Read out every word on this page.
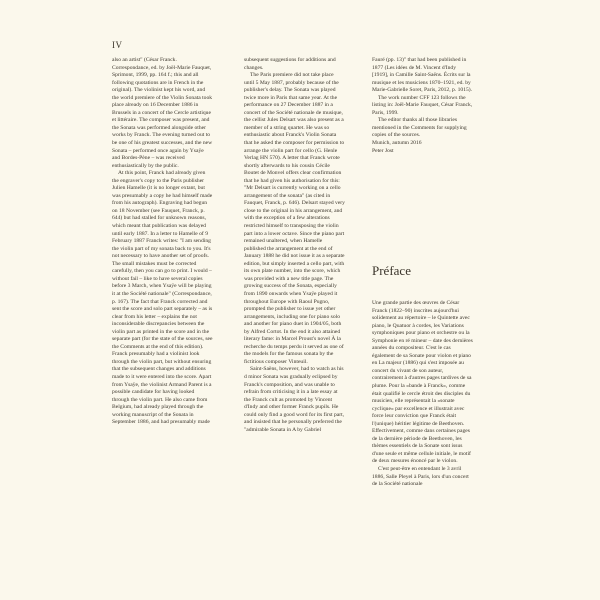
IV

also an artist" (César Franck. Correspondance, ed. by Joël-Marie Fauquet, Sprimont, 1999, pp. 164 f.; this and all following quotations are in French in the original). The violinist kept his word, and the world premiere of the Violin Sonata took place already on 16 December 1886 in Brussels in a concert of the Cercle artistique et littéraire. The composer was present, and the Sonata was performed alongside other works by Franck. The evening turned out to be one of his greatest successes, and the new Sonata – performed once again by Ysaÿe and Bordes-Pène – was received enthusiastically by the public.

At this point, Franck had already given the engraver's copy to the Paris publisher Julien Hamelle (it is no longer extant, but was presumably a copy he had himself made from his autograph). Engraving had begun on 18 November (see Fauquet, Franck, p. 644) but had stalled for unknown reasons, which meant that publication was delayed until early 1887. In a letter to Hamelle of 9 February 1887 Franck writes: "I am sending the violin part of my sonata back to you. It's not necessary to have another set of proofs. The small mistakes must be corrected carefully, then you can go to print. I would – without fail – like to have several copies before 3 March, when Ysaÿe will be playing it at the Société nationale" (Correspondance, p. 167). The fact that Franck corrected and sent the score and solo part separately – as is clear from his letter – explains the not inconsiderable discrepancies between the violin part as printed in the score and in the separate part (for the state of the sources, see the Comments at the end of this edition). Franck presumably had a violinist look through the violin part, but without ensuring that the subsequent changes and additions made to it were entered into the score. Apart from Ysaÿe, the violinist Armand Parent is a possible candidate for having looked through the violin part. He also came from Belgium, had already played through the working manuscript of the Sonata in September 1886, and had presumably made

subsequent suggestions for additions and changes.

The Paris premiere did not take place until 5 May 1887, probably because of the publisher's delay. The Sonata was played twice more in Paris that same year. At the performance on 27 December 1887 in a concert of the Société nationale de musique, the cellist Jules Delsart was also present as a member of a string quartet. He was so enthusiastic about Franck's Violin Sonata that he asked the composer for permission to arrange the violin part for cello (G. Henle Verlag HN 570). A letter that Franck wrote shortly afterwards to his cousin Cécile Boutet de Monvel offers clear confirmation that he had given his authorisation for this: "Mr Delsart is currently working on a cello arrangement of the sonata" (as cited in Fauquet, Franck, p. 646). Delsart stayed very close to the original in his arrangement, and with the exception of a few alterations restricted himself to transposing the violin part into a lower octave. Since the piano part remained unaltered, when Hamelle published the arrangement at the end of January 1888 he did not issue it as a separate edition, but simply inserted a cello part, with its own plate number, into the score, which was provided with a new title page. The growing success of the Sonata, especially from 1890 onwards when Ysaÿe played it throughout Europe with Raoul Pugno, prompted the publisher to issue yet other arrangements, including one for piano solo and another for piano duet in 1904/05, both by Alfred Cortot. In the end it also attained literary fame: in Marcel Proust's novel À la recherche du temps perdu it served as one of the models for the famous sonata by the fictitious composer Vinteuil.

Saint-Saëns, however, had to watch as his d minor Sonata was gradually eclipsed by Franck's composition, and was unable to refrain from criticising it in a late essay at the Franck cult as promoted by Vincent d'Indy and other former Franck pupils. He could only find a good word for its first part, and insisted that he personally preferred the "admirable Sonata in A by Gabriel

Fauré (pp. 13)" that had been published in 1877 (Les idées de M. Vincent d'Indy [1919], in Camille Saint-Saëns. Écrits sur la musique et les musiciens 1870–1921, ed. by Marie-Gabrielle Soret, Paris, 2012, p. 1015).

The work number CFF 123 follows the listing in: Joël-Marie Fauquet, César Franck, Paris, 1999.

The editor thanks all those libraries mentioned in the Comments for supplying copies of the sources.

Munich, autumn 2016

Peter Jost

Préface

Une grande partie des œuvres de César Franck (1822–90) inscrites aujourd'hui solidement au répertoire – le Quintette avec piano, le Quatuor à cordes, les Variations symphoniques pour piano et orchestre ou la Symphonie en ré mineur – date des dernières années du compositeur. C'est le cas également de sa Sonate pour violon et piano en La majeur (1886) qui s'est imposée au concert du vivant de son auteur, contrairement à d'autres pages tardives de sa plume. Pour la «bande à Franck», comme était qualifié le cercle étroit des disciples du musicien, elle représentait la «sonate cyclique» par excellence et illustrait avec force leur conviction que Franck était l'(unique) héritier légitime de Beethoven. Effectivement, comme dans certaines pages de la dernière période de Beethoven, les thèmes essentiels de la Sonate sont issus d'une seule et même cellule initiale, le motif de deux mesures énoncé par le violon.

C'est peut-être en entendant le 3 avril 1886, Salle Pleyel à Paris, lors d'un concert de la Société nationale
